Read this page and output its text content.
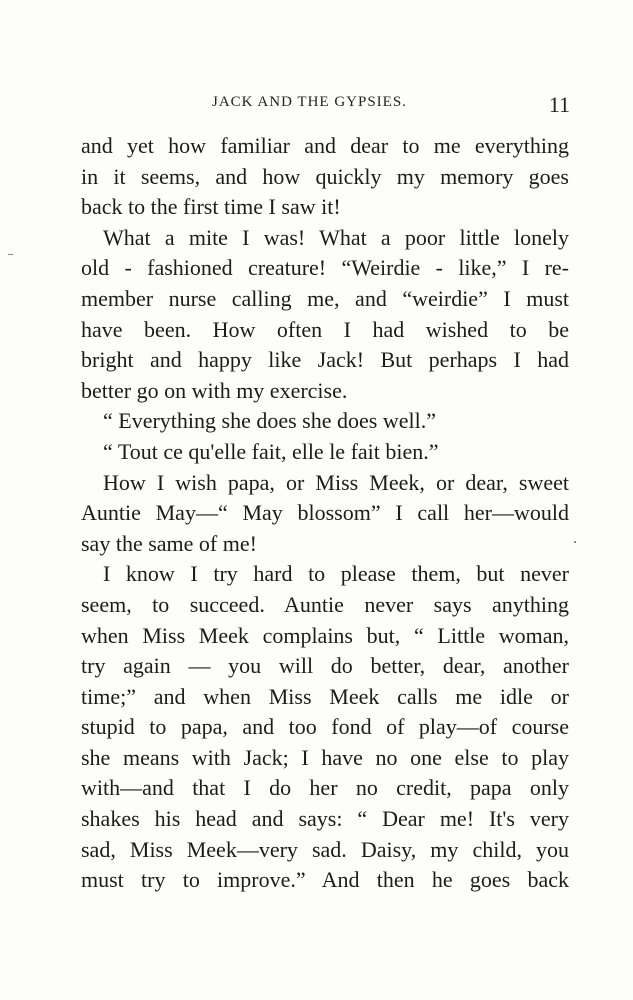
JACK AND THE GYPSIES.	11
and yet how familiar and dear to me everything
in it seems, and how quickly my memory goes
back to the first time I saw it!
What a mite I was! What a poor little lonely
old - fashioned creature! “Weirdie - like,” I re-
member nurse calling me, and “weirdie” I must
have been. How often I had wished to be
bright and happy like Jack! But perhaps I had
better go on with my exercise.
“ Everything she does she does well.”
“ Tout ce qu'elle fait, elle le fait bien.”
How I wish papa, or Miss Meek, or dear, sweet
Auntie May—“ May blossom” I call her—would
say the same of me!
I know I try hard to please them, but never
seem, to succeed. Auntie never says anything
when Miss Meek complains but, “ Little woman,
try again — you will do better, dear, another
time;” and when Miss Meek calls me idle or
stupid to papa, and too fond of play—of course
she means with Jack; I have no one else to play
with—and that I do her no credit, papa only
shakes his head and says: “ Dear me! It's very
sad, Miss Meek—very sad. Daisy, my child, you
must try to improve.” And then he goes back
